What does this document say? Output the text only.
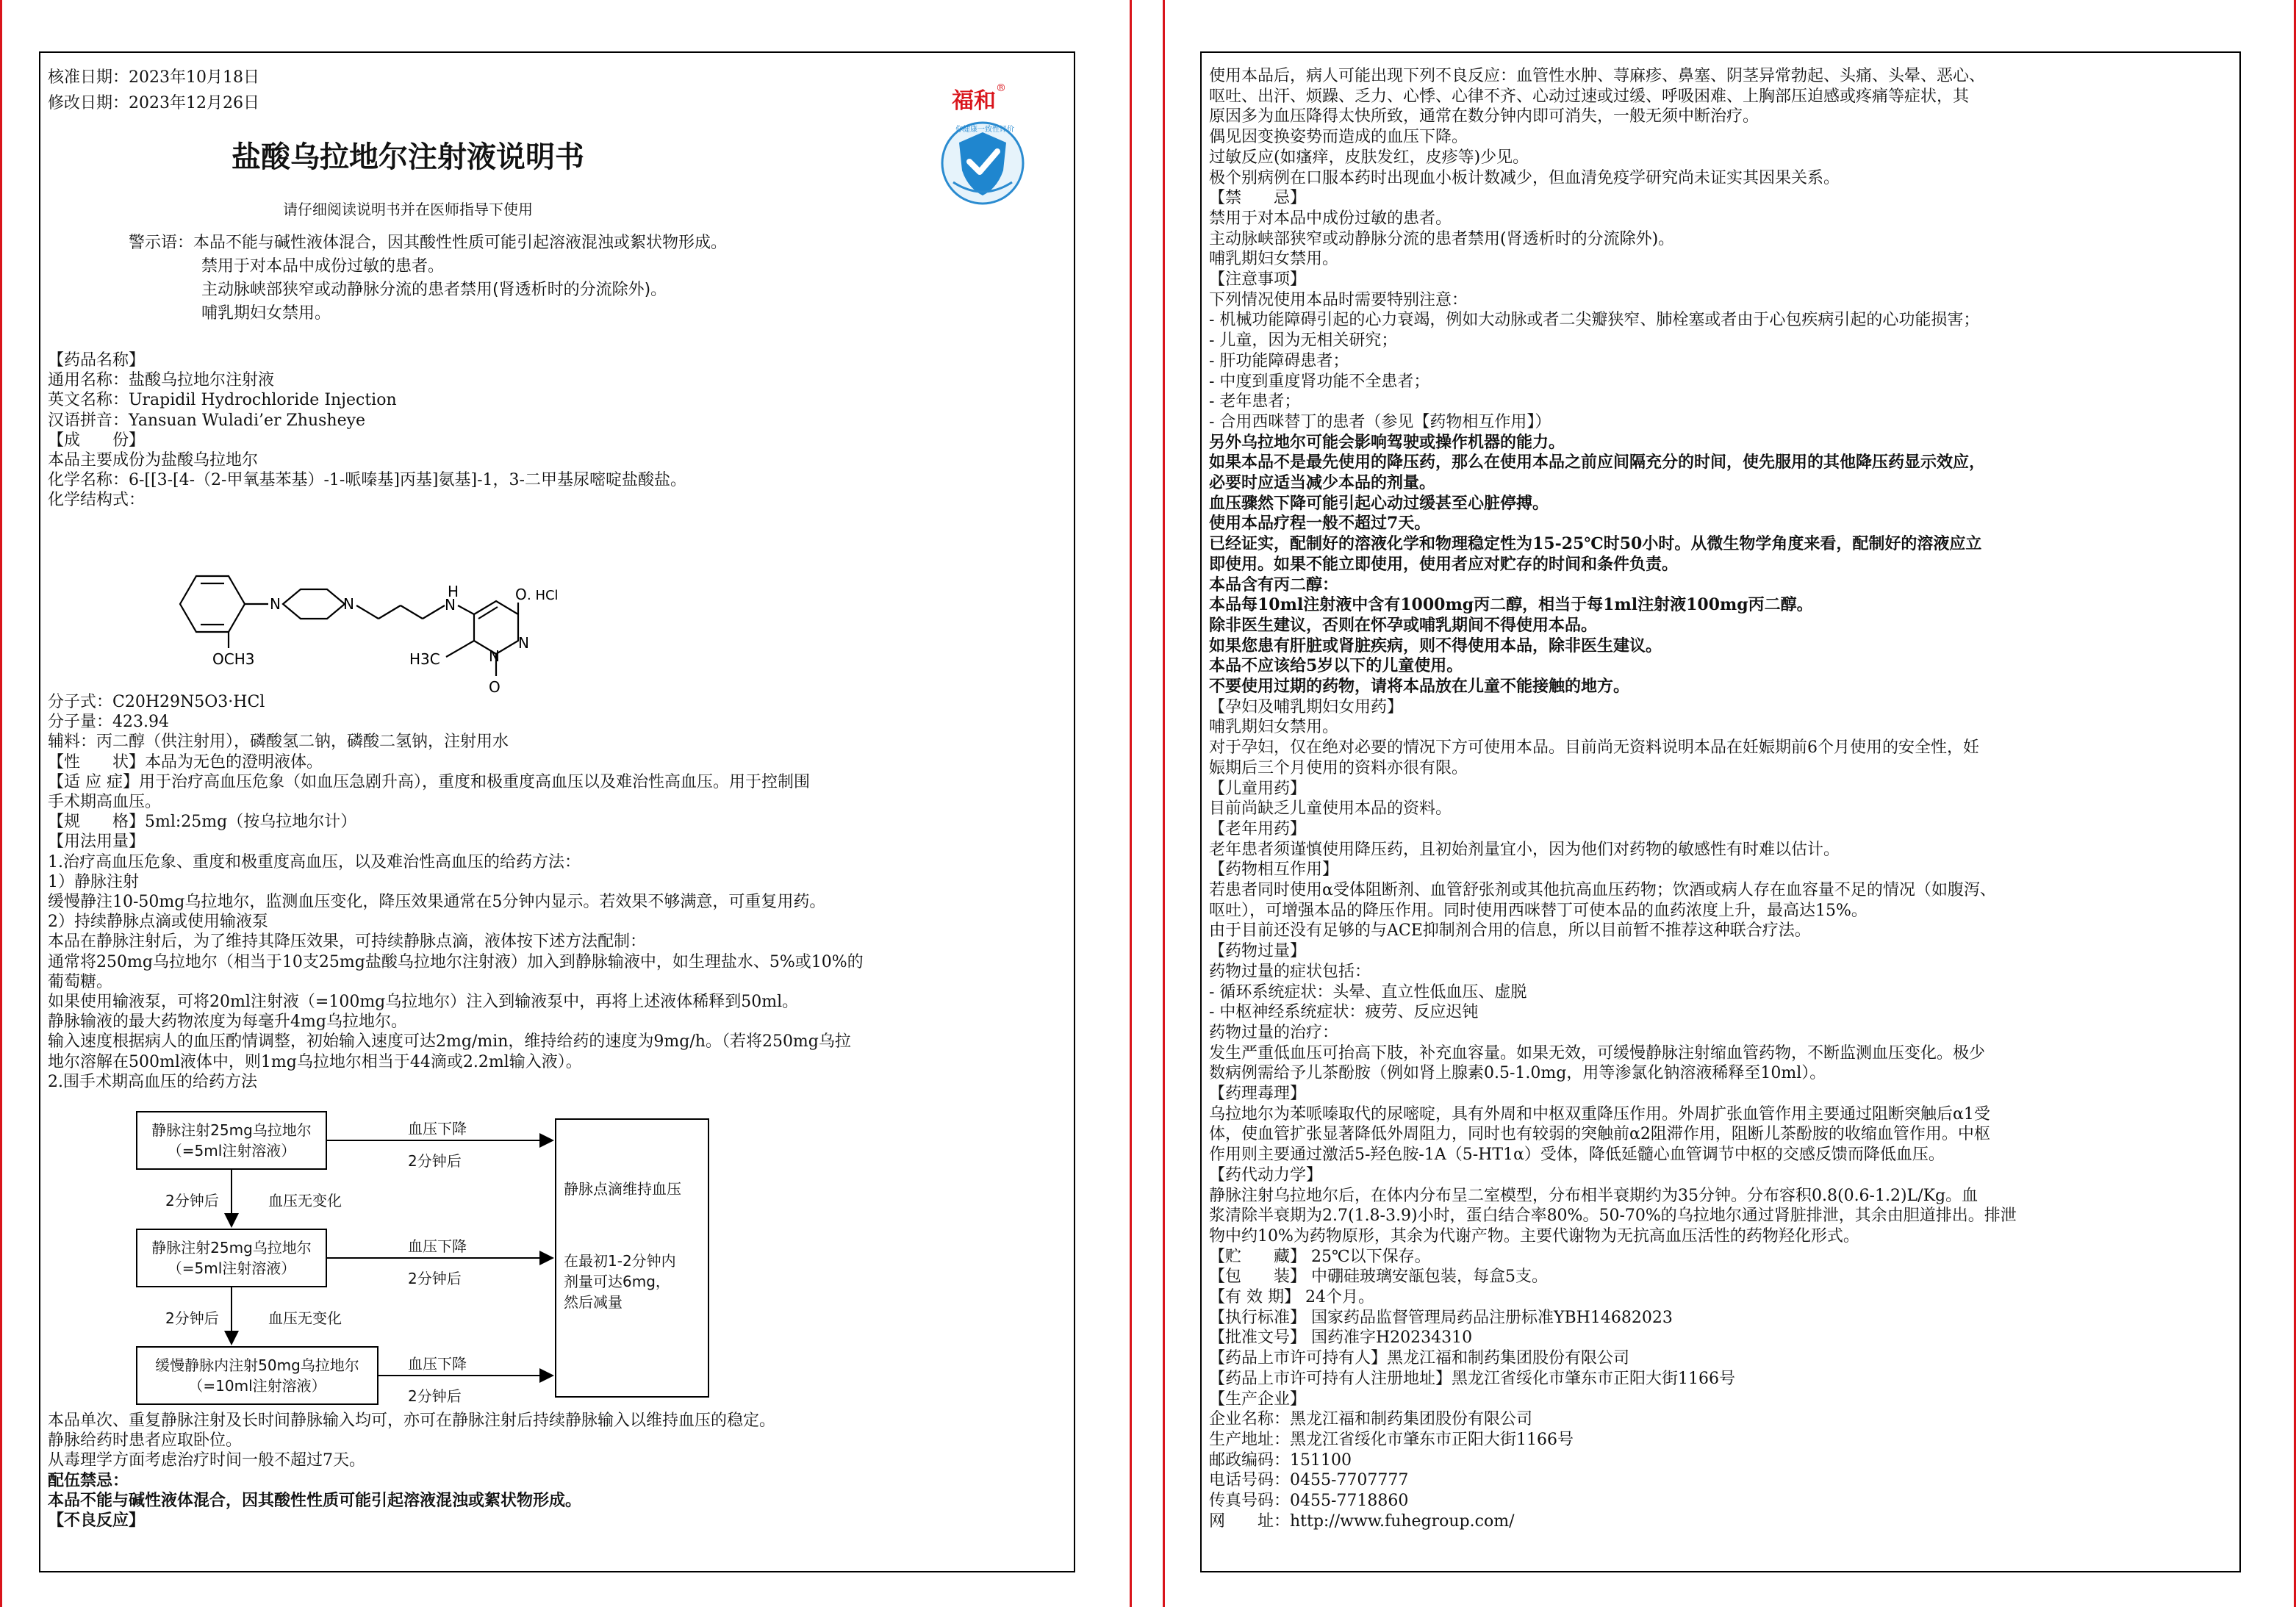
核准日期：2023年10月18日
修改日期：2023年12月26日	福和®
你健康一致性评价
盐酸乌拉地尔注射液说明书
请仔细阅读说明书并在医师指导下使用
警示语：本品不能与碱性液体混合，因其酸性性质可能引起溶液混浊或絮状物形成。
禁用于对本品中成份过敏的患者。
主动脉峡部狭窄或动静脉分流的患者禁用(肾透析时的分流除外)。
哺乳期妇女禁用。
【药品名称】
通用名称：盐酸乌拉地尔注射液
英文名称：Urapidil Hydrochloride Injection
汉语拼音：Yansuan Wuladi’er Zhusheye
【成　　份】
本品主要成份为盐酸乌拉地尔
化学名称：6-[[3-[4-（2-甲氧基苯基）-1-哌嗪基]丙基]氨基]-1，3-二甲基尿嘧啶盐酸盐。
化学结构式：
N	N
OCH3
N
H	O . HCl
N
N
O
H3C
分子式：C20H29N5O3·HCl
分子量：423.94
辅料：丙二醇（供注射用），磷酸氢二钠，磷酸二氢钠，注射用水
【性　　状】本品为无色的澄明液体。
【适 应 症】用于治疗高血压危象（如血压急剧升高），重度和极重度高血压以及难治性高血压。用于控制围
手术期高血压。
【规　　格】5ml:25mg（按乌拉地尔计）
【用法用量】
1.治疗高血压危象、重度和极重度高血压，以及难治性高血压的给药方法：
1）静脉注射
缓慢静注10-50mg乌拉地尔，监测血压变化，降压效果通常在5分钟内显示。若效果不够满意，可重复用药。
2）持续静脉点滴或使用输液泵
本品在静脉注射后，为了维持其降压效果，可持续静脉点滴，液体按下述方法配制：
通常将250mg乌拉地尔（相当于10支25mg盐酸乌拉地尔注射液）加入到静脉输液中，如生理盐水、5%或10%的
葡萄糖。
如果使用输液泵，可将20ml注射液（=100mg乌拉地尔）注入到输液泵中，再将上述液体稀释到50ml。
静脉输液的最大药物浓度为每毫升4mg乌拉地尔。
输入速度根据病人的血压酌情调整，初始输入速度可达2mg/min，维持给药的速度为9mg/h。（若将250mg乌拉
地尔溶解在500ml液体中，则1mg乌拉地尔相当于44滴或2.2ml输入液）。
2.围手术期高血压的给药方法
静脉注射25mg乌拉地尔
（=5ml注射溶液）
静脉注射25mg乌拉地尔
（=5ml注射溶液）
缓慢静脉内注射50mg乌拉地尔
（=10ml注射溶液）
静脉点滴维持血压
在最初1-2分钟内
剂量可达6mg，
然后减量
血压下降
2分钟后
血压下降
2分钟后
血压下降
2分钟后
2分钟后	血压无变化
2分钟后	血压无变化
本品单次、重复静脉注射及长时间静脉输入均可，亦可在静脉注射后持续静脉输入以维持血压的稳定。
静脉给药时患者应取卧位。
从毒理学方面考虑治疗时间一般不超过7天。
配伍禁忌：
本品不能与碱性液体混合，因其酸性性质可能引起溶液混浊或絮状物形成。
【不良反应】
使用本品后，病人可能出现下列不良反应：血管性水肿、荨麻疹、鼻塞、阴茎异常勃起、头痛、头晕、恶心、
呕吐、出汗、烦躁、乏力、心悸、心律不齐、心动过速或过缓、呼吸困难、上胸部压迫感或疼痛等症状，其
原因多为血压降得太快所致，通常在数分钟内即可消失，一般无须中断治疗。
偶见因变换姿势而造成的血压下降。
过敏反应(如瘙痒，皮肤发红，皮疹等)少见。
极个别病例在口服本药时出现血小板计数减少，但血清免疫学研究尚未证实其因果关系。
【禁　　忌】
禁用于对本品中成份过敏的患者。
主动脉峡部狭窄或动静脉分流的患者禁用(肾透析时的分流除外)。
哺乳期妇女禁用。
【注意事项】
下列情况使用本品时需要特别注意：
- 机械功能障碍引起的心力衰竭，例如大动脉或者二尖瓣狭窄、肺栓塞或者由于心包疾病引起的心功能损害；
- 儿童，因为无相关研究；
- 肝功能障碍患者；
- 中度到重度肾功能不全患者；
- 老年患者；
- 合用西咪替丁的患者（参见【药物相互作用】）
另外乌拉地尔可能会影响驾驶或操作机器的能力。
如果本品不是最先使用的降压药，那么在使用本品之前应间隔充分的时间，使先服用的其他降压药显示效应，
必要时应适当减少本品的剂量。
血压骤然下降可能引起心动过缓甚至心脏停搏。
使用本品疗程一般不超过7天。
已经证实，配制好的溶液化学和物理稳定性为15-25℃时50小时。从微生物学角度来看，配制好的溶液应立
即使用。如果不能立即使用，使用者应对贮存的时间和条件负责。
本品含有丙二醇：
本品每10ml注射液中含有1000mg丙二醇，相当于每1ml注射液100mg丙二醇。
除非医生建议，否则在怀孕或哺乳期间不得使用本品。
如果您患有肝脏或肾脏疾病，则不得使用本品，除非医生建议。
本品不应该给5岁以下的儿童使用。
不要使用过期的药物，请将本品放在儿童不能接触的地方。
【孕妇及哺乳期妇女用药】
哺乳期妇女禁用。
对于孕妇，仅在绝对必要的情况下方可使用本品。目前尚无资料说明本品在妊娠期前6个月使用的安全性，妊
娠期后三个月使用的资料亦很有限。
【儿童用药】
目前尚缺乏儿童使用本品的资料。
【老年用药】
老年患者须谨慎使用降压药，且初始剂量宜小，因为他们对药物的敏感性有时难以估计。
【药物相互作用】
若患者同时使用α受体阻断剂、血管舒张剂或其他抗高血压药物；饮酒或病人存在血容量不足的情况（如腹泻、
呕吐），可增强本品的降压作用。同时使用西咪替丁可使本品的血药浓度上升，最高达15%。
由于目前还没有足够的与ACE抑制剂合用的信息，所以目前暂不推荐这种联合疗法。
【药物过量】
药物过量的症状包括：
- 循环系统症状：头晕、直立性低血压、虚脱
- 中枢神经系统症状：疲劳、反应迟钝
药物过量的治疗：
发生严重低血压可抬高下肢，补充血容量。如果无效，可缓慢静脉注射缩血管药物，不断监测血压变化。极少
数病例需给予儿茶酚胺（例如肾上腺素0.5-1.0mg，用等渗氯化钠溶液稀释至10ml）。
【药理毒理】
乌拉地尔为苯哌嗪取代的尿嘧啶，具有外周和中枢双重降压作用。外周扩张血管作用主要通过阻断突触后α1受
体，使血管扩张显著降低外周阻力，同时也有较弱的突触前α2阻滞作用，阻断儿茶酚胺的收缩血管作用。中枢
作用则主要通过激活5-羟色胺-1A（5-HT1α）受体，降低延髓心血管调节中枢的交感反馈而降低血压。
【药代动力学】
静脉注射乌拉地尔后，在体内分布呈二室模型，分布相半衰期约为35分钟。分布容积0.8(0.6-1.2)L/Kg。血
浆清除半衰期为2.7(1.8-3.9)小时，蛋白结合率80%。50-70%的乌拉地尔通过肾脏排泄，其余由胆道排出。排泄
物中约10%为药物原形，其余为代谢产物。主要代谢物为无抗高血压活性的药物羟化形式。
【贮　　藏】 25℃以下保存。
【包　　装】 中硼硅玻璃安瓿包装，每盒5支。
【有 效 期】 24个月。
【执行标准】 国家药品监督管理局药品注册标准YBH14682023
【批准文号】 国药准字H20234310
【药品上市许可持有人】黑龙江福和制药集团股份有限公司
【药品上市许可持有人注册地址】黑龙江省绥化市肇东市正阳大街1166号
【生产企业】
企业名称：黑龙江福和制药集团股份有限公司
生产地址：黑龙江省绥化市肇东市正阳大街1166号
邮政编码：151100
电话号码：0455-7707777
传真号码：0455-7718860
网　　址：http://www.fuhegroup.com/
